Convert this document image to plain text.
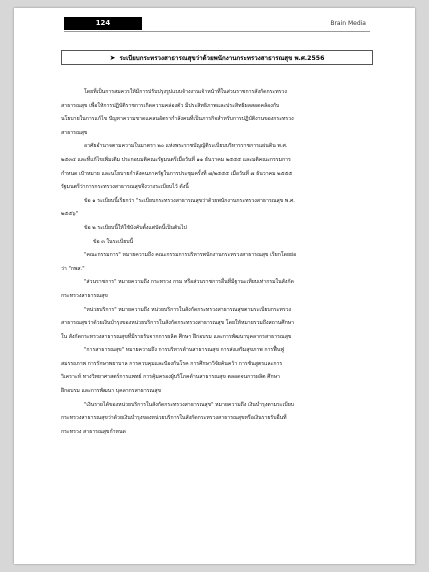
124	Brain Media
➤ ระเบียบกระทรวงสาธารณสุขว่าด้วยพนักงานกระทรวงสาธารณสุข พ.ศ.2556
โดยที่เป็นการสมควรให้มีการปรับปรุงรูปแบบจ้างงานเจ้าหน้าที่ในส่วนราชการสังกัดกระทรวง
สาธารณสุข เพื่อให้การปฏิบัติราชการเกิดความคล่องตัว มีประสิทธิภาพและประสิทธิผลสอดคล้องกับ
นโยบายในการแก้ไข ปัญหาความขาดแคลนอัตรากำลังคนที่เป็นภารกิจสำหรับการปฏิบัติงานของกระทรวง
สาธารณสุข
อาศัยอำนาจตามความในมาตรา ๒๐ แห่งพระราชบัญญัติระเบียบบริหารราชการแผ่นดิน พ.ศ.
๒๕๓๔ และที่แก้ไขเพิ่มเติม ประกอบมติคณะรัฐมนตรีเมื่อวันที่ ๑๑ ธันวาคม ๒๕๕๕ และมติคณะกรรมการ
กำหนด เป้าหมาย และนโยบายกำลังคนภาครัฐในการประชุมครั้งที่ ๗/๒๕๕๕ เมื่อวันที่ ๗ ธันวาคม ๒๕๕๕
รัฐมนตรีว่าการกระทรวงสาธารณสุขจึงวางระเบียบไว้ ดังนี้
ข้อ ๑ ระเบียบนี้เรียกว่า "ระเบียบกระทรวงสาธารณสุขว่าด้วยพนักงานกระทรวงสาธารณสุข พ.ศ.
๒๕๕๖"
ข้อ ๒ ระเบียบนี้ให้ใช้บังคับตั้งแต่บัดนี้เป็นต้นไป
ข้อ ๓ ในระเบียบนี้
"คณะกรรมการ" หมายความถึง คณะกรรมการบริหารพนักงานกระทรวงสาธารณสุข เรียกโดยย่อ
ว่า "กพส."
"ส่วนราชการ" หมายความถึง กระทรวง กรม หรือส่วนราชการอื่นที่มีฐานะเทียบเท่ากรมในสังกัด
กระทรวงสาธารณสุข
"หน่วยบริการ" หมายความถึง หน่วยบริการในสังกัดกระทรวงสาธารณสุขตามระเบียบกระทรวง
สาธารณสุขว่าด้วยเงินบำรุงของหน่วยบริการในสังกัดกระทรวงสาธารณสุข โดยให้หมายรวมถึงสถานศึกษา
ใน สังกัดกระทรวงสาธารณสุขที่มีรายรับจากการผลิต ศึกษา ฝึกอบรม และการพัฒนาบุคลากรสาธารณสุข
"การสาธารณสุข" หมายความถึง การบริหารด้านสาธารณสุข การส่งเสริมสุขภาพ การฟื้นฟู
สมรรถภาพ การรักษาพยาบาล การควบคุมและป้องกันโรค การศึกษาวิจัยค้นคว้า การชันสูตรและการ
วิเคราะห์ ทางวิทยาศาสตร์การแพทย์ การคุ้มครองผู้บริโภคด้านสาธารณสุข ตลอดจนการผลิต ศึกษา
ฝึกอบรม และการพัฒนา บุคลากรสาธารณสุข
"เงินรายได้ของหน่วยบริการในสังกัดกระทรวงสาธารณสุข" หมายความถึง เงินบำรุงตามระเบียบ
กระทรวงสาธารณสุขว่าด้วยเงินบำรุงของหน่วยบริการในสังกัดกระทรวงสาธารณสุขหรือเงินรายรับอื่นที่
กระทรวง สาธารณสุขกำหนด
